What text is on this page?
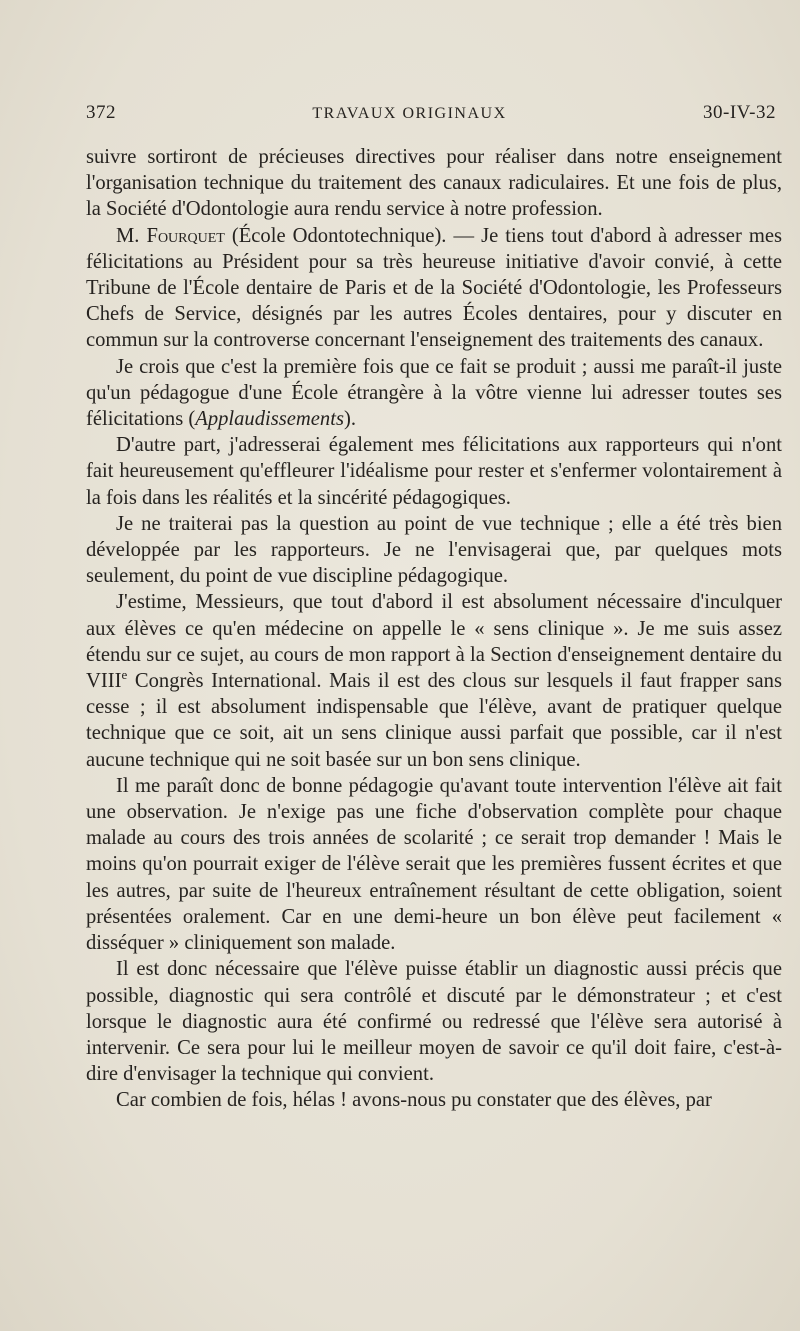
372	TRAVAUX ORIGINAUX	30-IV-32

suivre sortiront de précieuses directives pour réaliser dans notre enseignement l'organisation technique du traitement des canaux radiculaires. Et une fois de plus, la Société d'Odontologie aura rendu service à notre profession.

M. Fourquet (École Odontotechnique). — Je tiens tout d'abord à adresser mes félicitations au Président pour sa très heureuse initiative d'avoir convié, à cette Tribune de l'École dentaire de Paris et de la Société d'Odontologie, les Professeurs Chefs de Service, désignés par les autres Écoles dentaires, pour y discuter en commun sur la controverse concernant l'enseignement des traitements des canaux.

Je crois que c'est la première fois que ce fait se produit ; aussi me paraît-il juste qu'un pédagogue d'une École étrangère à la vôtre vienne lui adresser toutes ses félicitations (Applaudissements).

D'autre part, j'adresserai également mes félicitations aux rapporteurs qui n'ont fait heureusement qu'effleurer l'idéalisme pour rester et s'enfermer volontairement à la fois dans les réalités et la sincérité pédagogiques.

Je ne traiterai pas la question au point de vue technique ; elle a été très bien développée par les rapporteurs. Je ne l'envisagerai que, par quelques mots seulement, du point de vue discipline pédagogique.

J'estime, Messieurs, que tout d'abord il est absolument nécessaire d'inculquer aux élèves ce qu'en médecine on appelle le « sens clinique ». Je me suis assez étendu sur ce sujet, au cours de mon rapport à la Section d'enseignement dentaire du VIIIe Congrès International. Mais il est des clous sur lesquels il faut frapper sans cesse ; il est absolument indispensable que l'élève, avant de pratiquer quelque technique que ce soit, ait un sens clinique aussi parfait que possible, car il n'est aucune technique qui ne soit basée sur un bon sens clinique.

Il me paraît donc de bonne pédagogie qu'avant toute intervention l'élève ait fait une observation. Je n'exige pas une fiche d'observation complète pour chaque malade au cours des trois années de scolarité ; ce serait trop demander ! Mais le moins qu'on pourrait exiger de l'élève serait que les premières fussent écrites et que les autres, par suite de l'heureux entraînement résultant de cette obligation, soient présentées oralement. Car en une demi-heure un bon élève peut facilement « disséquer » cliniquement son malade.

Il est donc nécessaire que l'élève puisse établir un diagnostic aussi précis que possible, diagnostic qui sera contrôlé et discuté par le démonstrateur ; et c'est lorsque le diagnostic aura été confirmé ou redressé que l'élève sera autorisé à intervenir. Ce sera pour lui le meilleur moyen de savoir ce qu'il doit faire, c'est-à-dire d'envisager la technique qui convient.

Car combien de fois, hélas ! avons-nous pu constater que des élèves, par
